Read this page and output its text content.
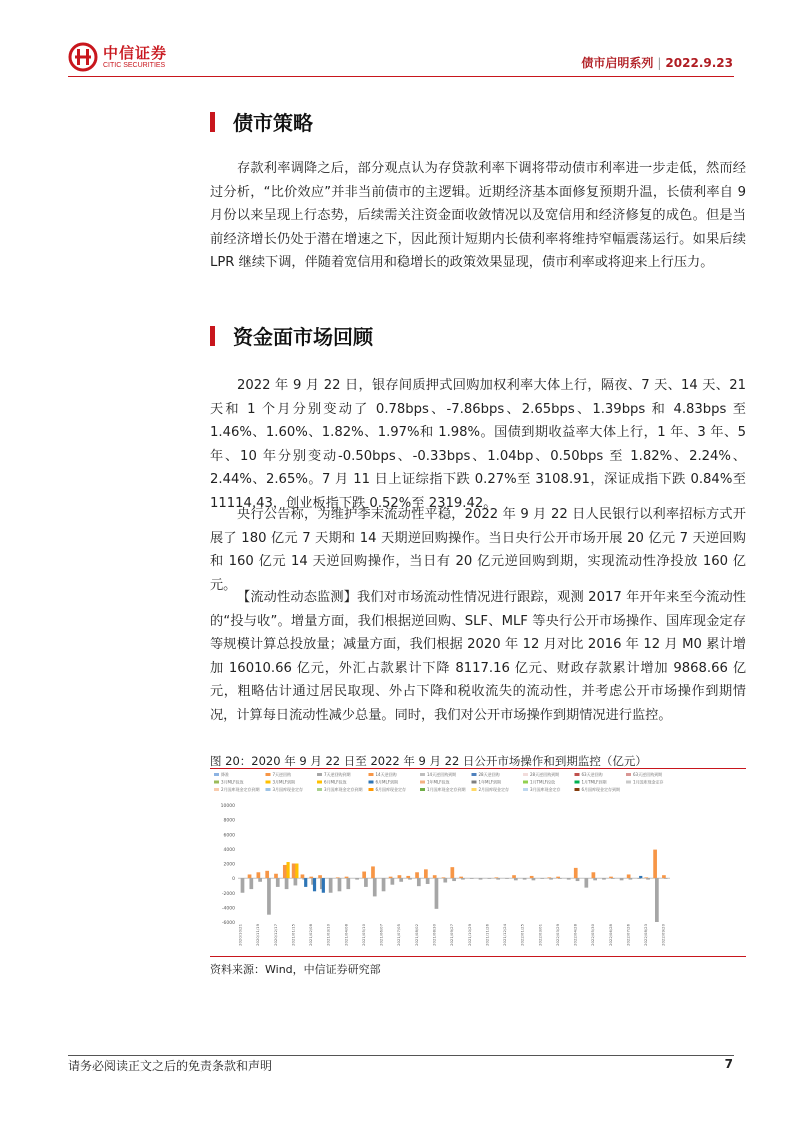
中信证券
CITIC SECURITIES	债市启明系列 | 2022.9.23
债市策略

存款利率调降之后，部分观点认为存贷款利率下调将带动债市利率进一步走低，然而经过分析，“比价效应”并非当前债市的主逻辑。近期经济基本面修复预期升温，长债利率自 9 月份以来呈现上行态势，后续需关注资金面收敛情况以及宽信用和经济修复的成色。但是当前经济增长仍处于潜在增速之下，因此预计短期内长债利率将维持窄幅震荡运行。如果后续 LPR 继续下调，伴随着宽信用和稳增长的政策效果显现，债市利率或将迎来上行压力。

资金面市场回顾

2022 年 9 月 22 日，银存间质押式回购加权利率大体上行，隔夜、7 天、14 天、21 天和 1 个月分别变动了 0.78bps、-7.86bps、2.65bps、1.39bps 和 4.83bps 至 1.46%、1.60%、1.82%、1.97%和 1.98%。国债到期收益率大体上行，1 年、3 年、5 年、10 年分别变动-0.50bps、-0.33bps、1.04bp、0.50bps 至 1.82%、2.24%、2.44%、2.65%。7 月 11 日上证综指下跌 0.27%至 3108.91，深证成指下跌 0.84%至 11114.43，创业板指下跌 0.52%至 2319.42。

央行公告称，为维护季末流动性平稳，2022 年 9 月 22 日人民银行以利率招标方式开展了 180 亿元 7 天期和 14 天期逆回购操作。当日央行公开市场开展 20 亿元 7 天逆回购和 160 亿元 14 天逆回购操作，当日有 20 亿元逆回购到期，实现流动性净投放 160 亿元。

【流动性动态监测】我们对市场流动性情况进行跟踪，观测 2017 年开年来至今流动性的“投与收”。增量方面，我们根据逆回购、SLF、MLF 等央行公开市场操作、国库现金定存等规模计算总投放量；减量方面，我们根据 2020 年 12 月对比 2016 年 12 月 M0 累计增加 16010.66 亿元，外汇占款累计下降 8117.16 亿元、财政存款累计增加 9868.66 亿元，粗略估计通过居民取现、外占下降和税收流失的流动性，并考虑公开市场操作到期情况，计算每日流动性减少总量。同时，我们对公开市场操作到期情况进行监控。

图 20：2020 年 9 月 22 日至 2022 年 9 月 22 日公开市场操作和到期监控（亿元）
降准	7天逆回购	7天逆回购到期	14天逆回购	14天逆回购到期	28天逆回购	28天逆回购到期	63天逆回购	63天逆回购到期
3月MLF投放	3月MLF到期	6月MLF投放	6月MLF到期	1年MLF投放	1年MLF到期	1月TMLF投放	1月TMLF到期	1月国库现金定存
2月国库现金定存到期	3月国库现金定存	3月国库现金定存到期	6月国库现金定存	1月国库现金定存到期	2月国库现金定存	3月国库现金定存	6月国库现金定存到期
10000
8000
6000
4000
2000
0
-2000
-4000
-6000
2020/10/21	2020/11/19	2020/12/17	2021/01/15	2021/02/08	2021/03/10	2021/04/08	2021/05/10	2021/06/07	2021/07/05	2021/08/02	2021/08/30	2021/09/27	2021/10/29	2021/11/26	2021/12/24	2022/01/25	2022/03/01	2022/03/29	2022/04/28	2022/05/30	2022/06/28	2022/07/26	2022/08/23	2022/09/20
资料来源：Wind，中信证券研究部
请务必阅读正文之后的免责条款和声明	7
